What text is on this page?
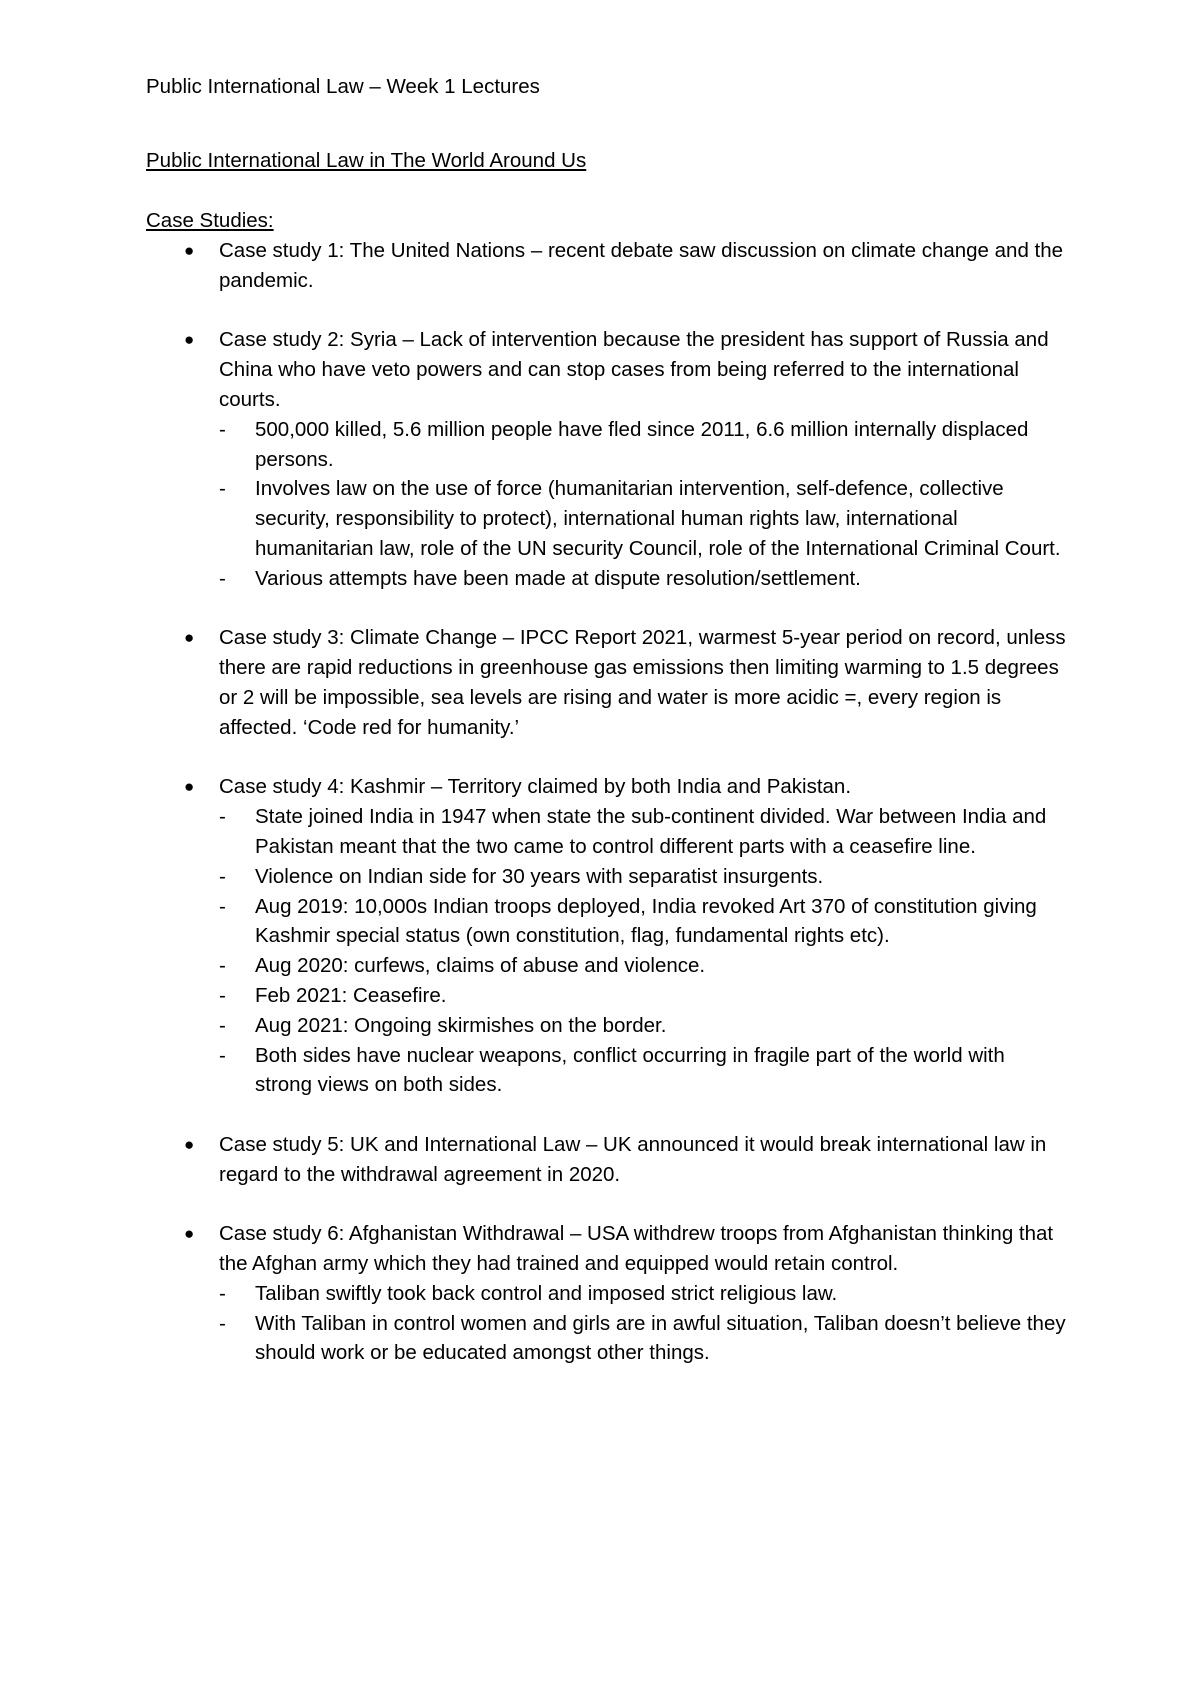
Public International Law – Week 1 Lectures
Public International Law in The World Around Us
Case Studies:
● Case study 1: The United Nations – recent debate saw discussion on climate change and the pandemic.
● Case study 2: Syria – Lack of intervention because the president has support of Russia and China who have veto powers and can stop cases from being referred to the international courts.
- 500,000 killed, 5.6 million people have fled since 2011, 6.6 million internally displaced persons.
- Involves law on the use of force (humanitarian intervention, self-defence, collective security, responsibility to protect), international human rights law, international humanitarian law, role of the UN security Council, role of the International Criminal Court.
- Various attempts have been made at dispute resolution/settlement.
● Case study 3: Climate Change – IPCC Report 2021, warmest 5-year period on record, unless there are rapid reductions in greenhouse gas emissions then limiting warming to 1.5 degrees or 2 will be impossible, sea levels are rising and water is more acidic =, every region is affected. ‘Code red for humanity.’
● Case study 4: Kashmir – Territory claimed by both India and Pakistan.
- State joined India in 1947 when state the sub-continent divided. War between India and Pakistan meant that the two came to control different parts with a ceasefire line.
- Violence on Indian side for 30 years with separatist insurgents.
- Aug 2019: 10,000s Indian troops deployed, India revoked Art 370 of constitution giving Kashmir special status (own constitution, flag, fundamental rights etc).
- Aug 2020: curfews, claims of abuse and violence.
- Feb 2021: Ceasefire.
- Aug 2021: Ongoing skirmishes on the border.
- Both sides have nuclear weapons, conflict occurring in fragile part of the world with strong views on both sides.
● Case study 5: UK and International Law – UK announced it would break international law in regard to the withdrawal agreement in 2020.
● Case study 6: Afghanistan Withdrawal – USA withdrew troops from Afghanistan thinking that the Afghan army which they had trained and equipped would retain control.
- Taliban swiftly took back control and imposed strict religious law.
- With Taliban in control women and girls are in awful situation, Taliban doesn’t believe they should work or be educated amongst other things.
